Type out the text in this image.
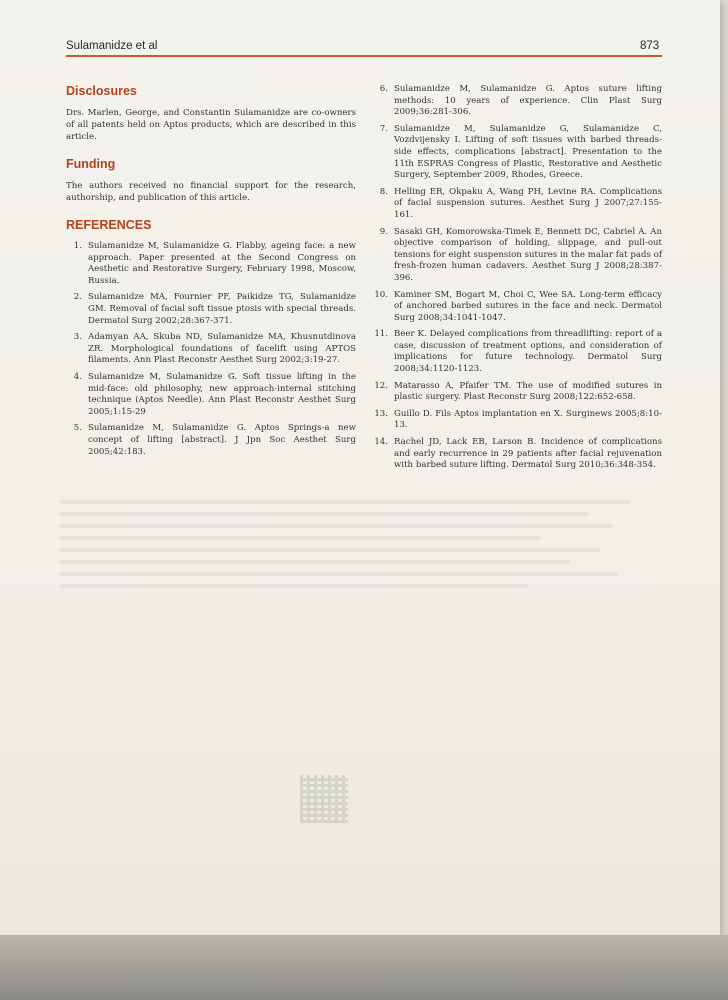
Sulamanidze et al	873
Disclosures

Drs. Marlen, George, and Constantin Sulamanidze are co-owners of all patents held on Aptos products, which are described in this article.

Funding

The authors received no financial support for the research, authorship, and publication of this article.

REFERENCES
1. Sulamanidze M, Sulamanidze G. Flabby, ageing face: a new approach. Paper presented at the Second Congress on Aesthetic and Restorative Surgery, February 1998, Moscow, Russia.
2. Sulamanidze MA, Fournier PF, Paikidze TG, Sulamanidze GM. Removal of facial soft tissue ptosis with special threads. Dermatol Surg 2002;28:367-371.
3. Adamyan AA, Skuba ND, Sulamanidze MA, Khusnutdinova ZR. Morphological foundations of facelift using APTOS filaments. Ann Plast Reconstr Aesthet Surg 2002;3:19-27.
4. Sulamanidze M, Sulamanidze G. Soft tissue lifting in the mid-face: old philosophy, new approach-internal stitching technique (Aptos Needle). Ann Plast Reconstr Aesthet Surg 2005;1:15-29
5. Sulamanidze M, Sulamanidze G. Aptos Springs-a new concept of lifting [abstract]. J Jpn Soc Aesthet Surg 2005;42:183.
6. Sulamanidze M, Sulamanidze G. Aptos suture lifting methods: 10 years of experience. Clin Plast Surg 2009;36:281-306.
7. Sulamanidze M, Sulamanidze G, Sulamanidze C, Vozdvijensky I. Lifting of soft tissues with barbed threads-side effects, complications [abstract]. Presentation to the 11th ESPRAS Congress of Plastic, Restorative and Aesthetic Surgery, September 2009, Rhodes, Greece.
8. Helling ER, Okpaku A, Wang PH, Levine RA. Complications of facial suspension sutures. Aesthet Surg J 2007;27:155-161.
9. Sasaki GH, Komorowska-Timek E, Bennett DC, Cabriel A. An objective comparison of holding, slippage, and pull-out tensions for eight suspension sutures in the malar fat pads of fresh-frozen human cadavers. Aesthet Surg J 2008;28:387-396.
10. Kaminer SM, Bogart M, Choi C, Wee SA. Long-term efficacy of anchored barbed sutures in the face and neck. Dermatol Surg 2008;34:1041-1047.
11. Beer K. Delayed complications from threadlifting: report of a case, discussion of treatment options, and consideration of implications for future technology. Dermatol Surg 2008;34:1120-1123.
12. Matarasso A, Pfaifer TM. The use of modified sutures in plastic surgery. Plast Reconstr Surg 2008;122:652-658.
13. Guillo D. Fils Aptos implantation en X. Surginews 2005;8:10-13.
14. Rachel JD, Lack EB, Larson B. Incidence of complications and early recurrence in 29 patients after facial rejuvenation with barbed suture lifting. Dermatol Surg 2010;36:348-354.
